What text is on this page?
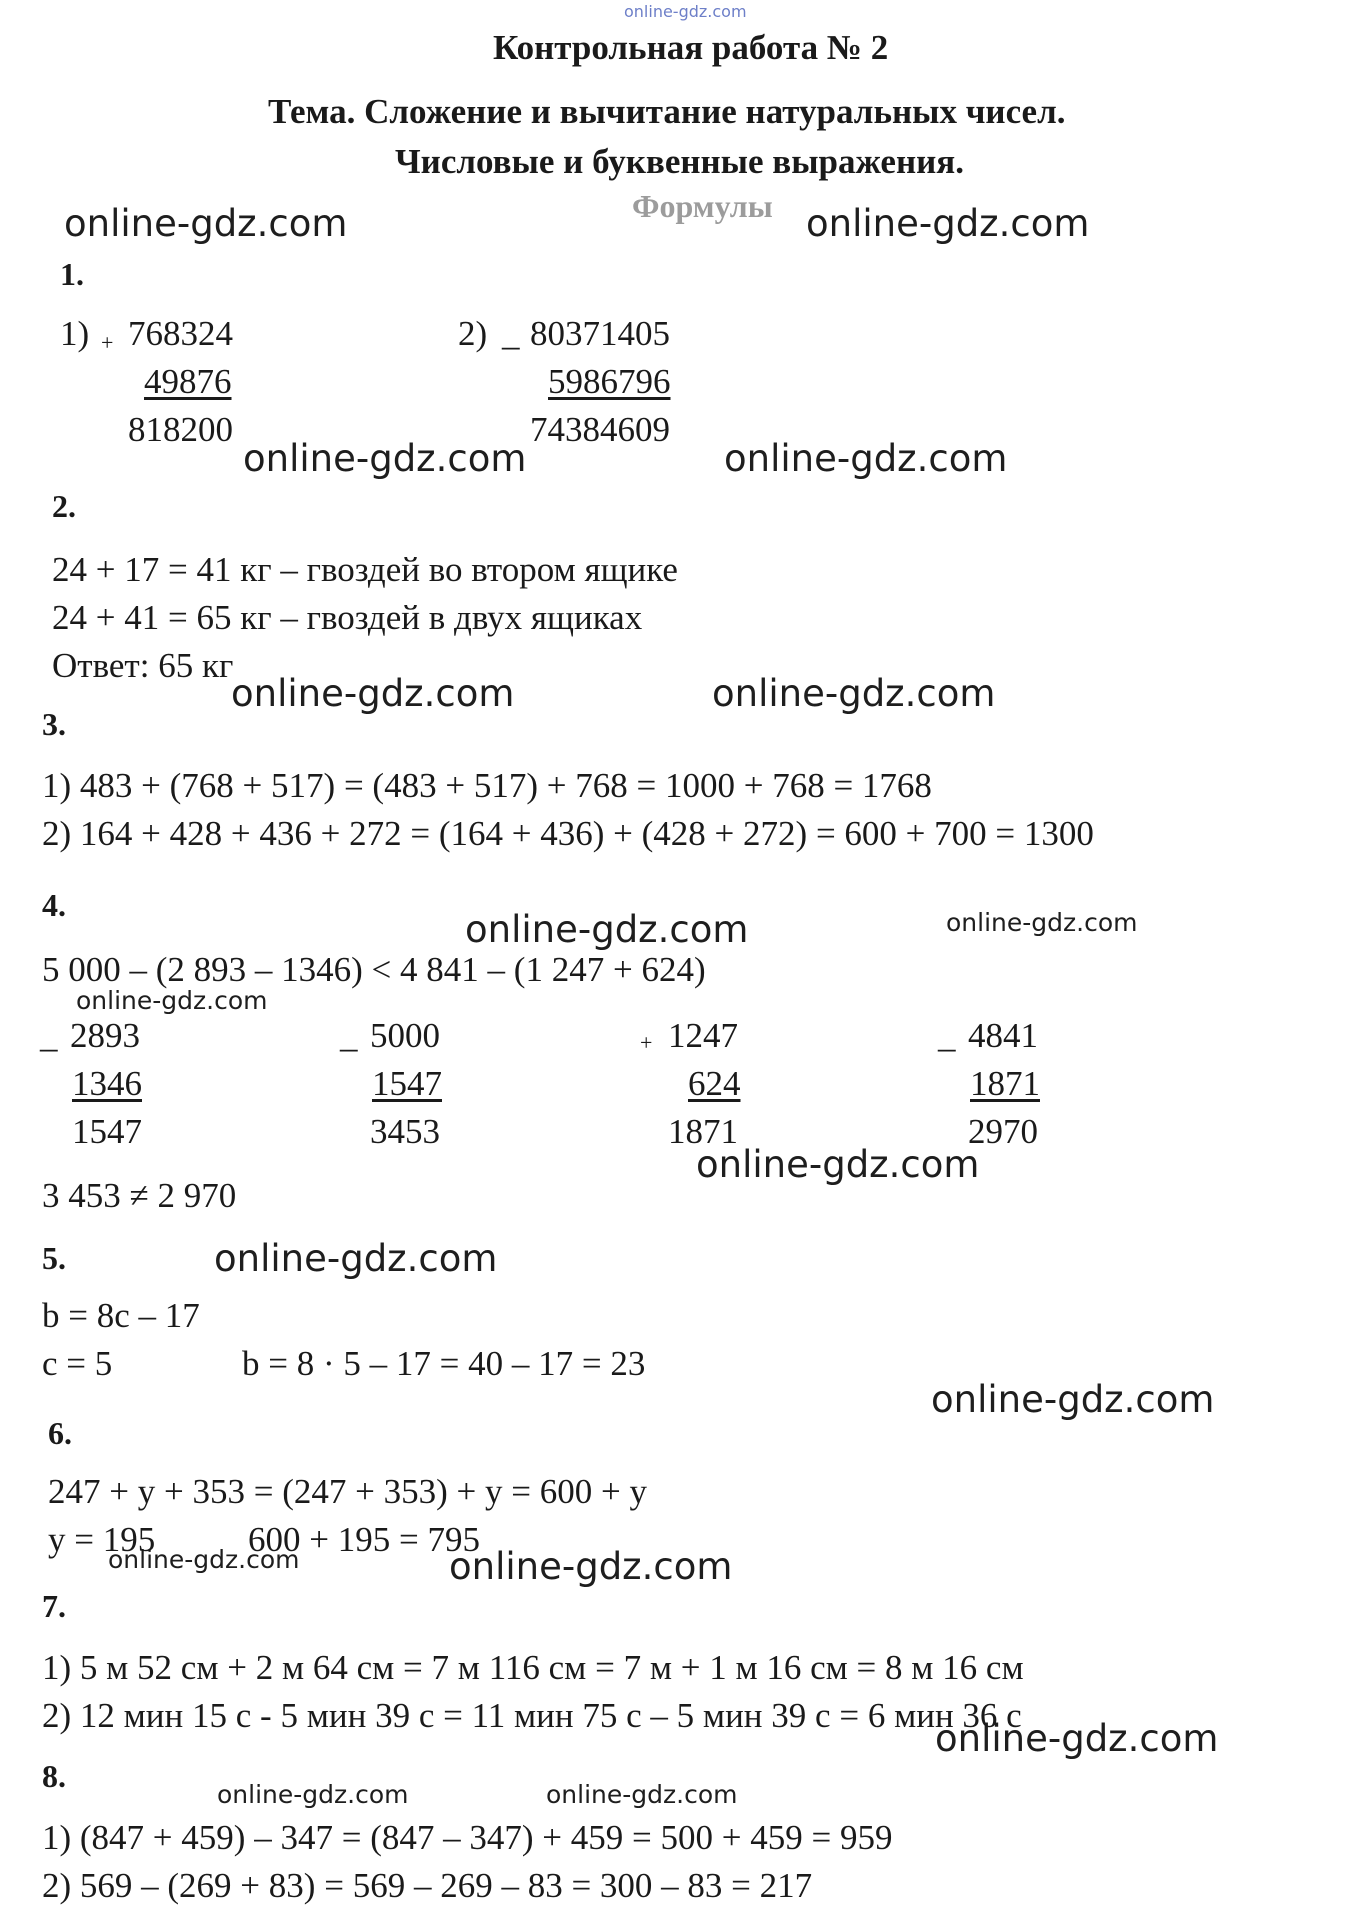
online-gdz.com
Контрольная работа № 2
Тема. Сложение и вычитание натуральных чисел.
Числовые и буквенные выражения.
Формулы
online-gdz.com	online-gdz.com
online-gdz.com	online-gdz.com
online-gdz.com	online-gdz.com
online-gdz.com	online-gdz.com
online-gdz.com
online-gdz.com
online-gdz.com
online-gdz.com
online-gdz.com	online-gdz.com
online-gdz.com
online-gdz.com	online-gdz.com
1.
1) + 768324
49876
818200
2) _ 80371405
5986796
74384609
2.
24 + 17 = 41 кг – гвоздей во втором ящике
24 + 41 = 65 кг – гвоздей в двух ящиках
Ответ: 65 кг
3.
1) 483 + (768 + 517) = (483 + 517) + 768 = 1000 + 768 = 1768
2) 164 + 428 + 436 + 272 = (164 + 436) + (428 + 272) = 600 + 700 = 1300
4.
5 000 – (2 893 – 1346) < 4 841 – (1 247 + 624)
_ 2893
1346
1547
_ 5000
1547
3453
+ 1247
624
1871
_ 4841
1871
2970
3 453 ≠ 2 970
5.
b = 8c – 17
c = 5	b = 8 · 5 – 17 = 40 – 17 = 23
6.
247 + y + 353 = (247 + 353) + y = 600 + y
y = 195	600 + 195 = 795
7.
1) 5 м 52 см + 2 м 64 см = 7 м 116 см = 7 м + 1 м 16 см = 8 м 16 см
2) 12 мин 15 с - 5 мин 39 с = 11 мин 75 с – 5 мин 39 с = 6 мин 36 с
8.
1) (847 + 459) – 347 = (847 – 347) + 459 = 500 + 459 = 959
2) 569 – (269 + 83) = 569 – 269 – 83 = 300 – 83 = 217
